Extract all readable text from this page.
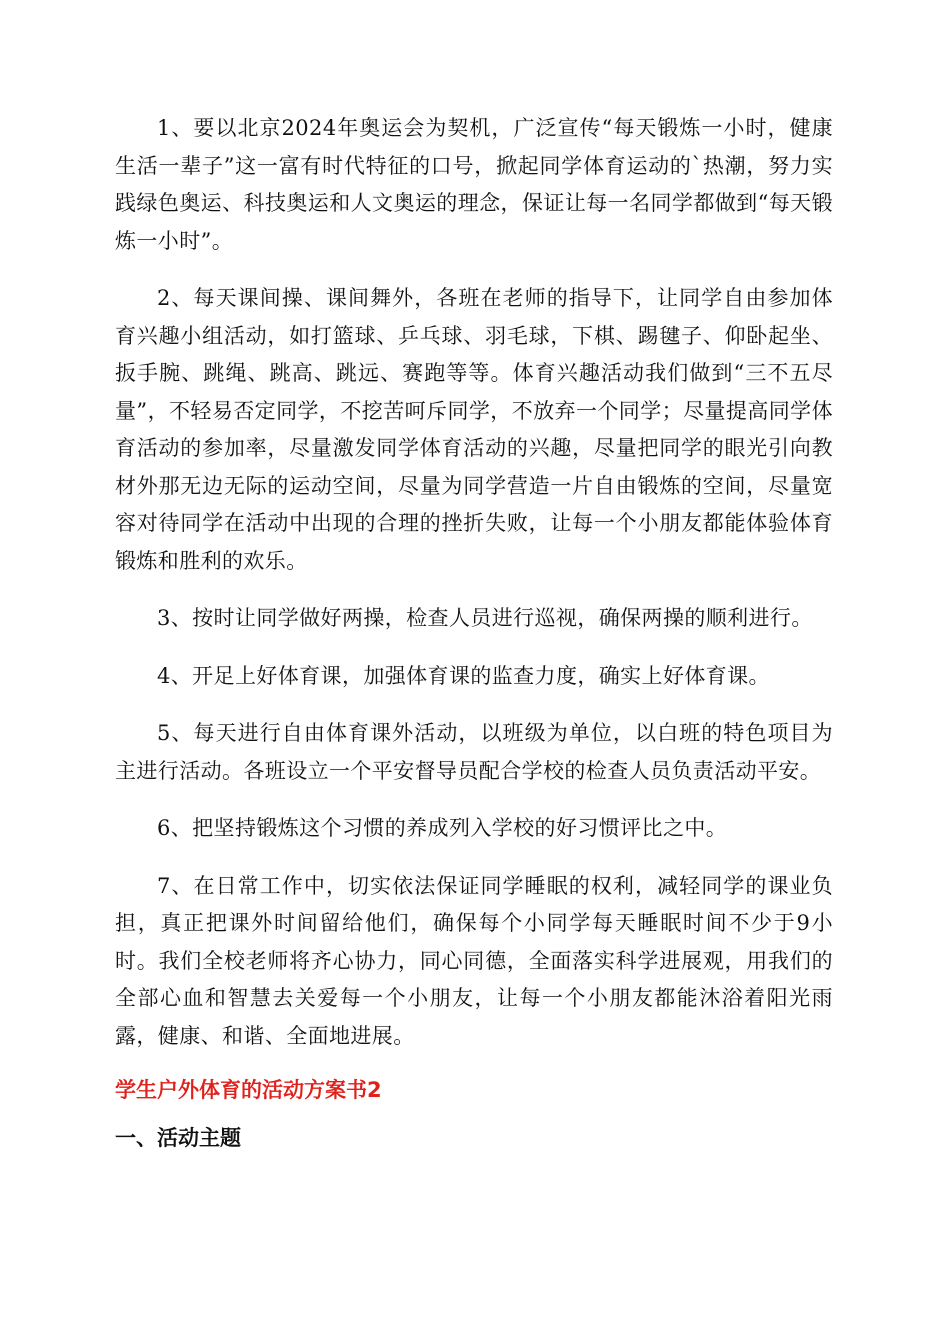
1、要以北京2024年奥运会为契机，广泛宣传“每天锻炼一小时，健康生活一辈子”这一富有时代特征的口号，掀起同学体育运动的`热潮，努力实践绿色奥运、科技奥运和人文奥运的理念，保证让每一名同学都做到“每天锻炼一小时”。

2、每天课间操、课间舞外，各班在老师的指导下，让同学自由参加体育兴趣小组活动，如打篮球、乒乓球、羽毛球，下棋、踢毽子、仰卧起坐、扳手腕、跳绳、跳高、跳远、赛跑等等。体育兴趣活动我们做到“三不五尽量”，不轻易否定同学，不挖苦呵斥同学，不放弃一个同学；尽量提高同学体育活动的参加率，尽量激发同学体育活动的兴趣，尽量把同学的眼光引向教材外那无边无际的运动空间，尽量为同学营造一片自由锻炼的空间，尽量宽容对待同学在活动中出现的合理的挫折失败，让每一个小朋友都能体验体育锻炼和胜利的欢乐。

3、按时让同学做好两操，检查人员进行巡视，确保两操的顺利进行。

4、开足上好体育课，加强体育课的监查力度，确实上好体育课。

5、每天进行自由体育课外活动，以班级为单位，以白班的特色项目为主进行活动。各班设立一个平安督导员配合学校的检查人员负责活动平安。

6、把坚持锻炼这个习惯的养成列入学校的好习惯评比之中。

7、在日常工作中，切实依法保证同学睡眠的权利，减轻同学的课业负担，真正把课外时间留给他们，确保每个小同学每天睡眠时间不少于9小时。我们全校老师将齐心协力，同心同德，全面落实科学进展观，用我们的全部心血和智慧去关爱每一个小朋友，让每一个小朋友都能沐浴着阳光雨露，健康、和谐、全面地进展。

学生户外体育的活动方案书2
一、活动主题
